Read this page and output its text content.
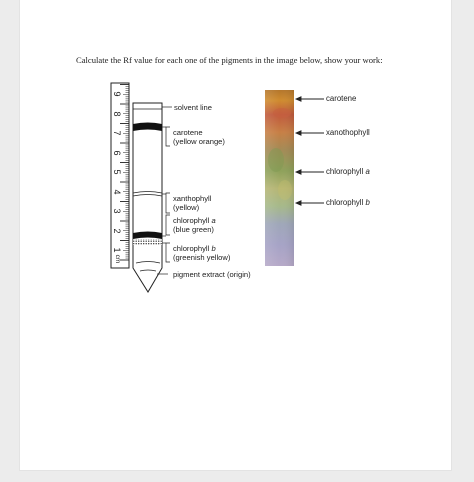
Calculate the Rf value for each one of the pigments in the image below, show your work:
1
2
3
4
5
6
7
8
9
cm
solvent line
carotene
(yellow orange)
xanthophyll
(yellow)
chlorophyll a
(blue green)
chlorophyll b
(greenish yellow)
pigment extract (origin)
carotene
xanothophyll
chlorophyll a
chlorophyll b
